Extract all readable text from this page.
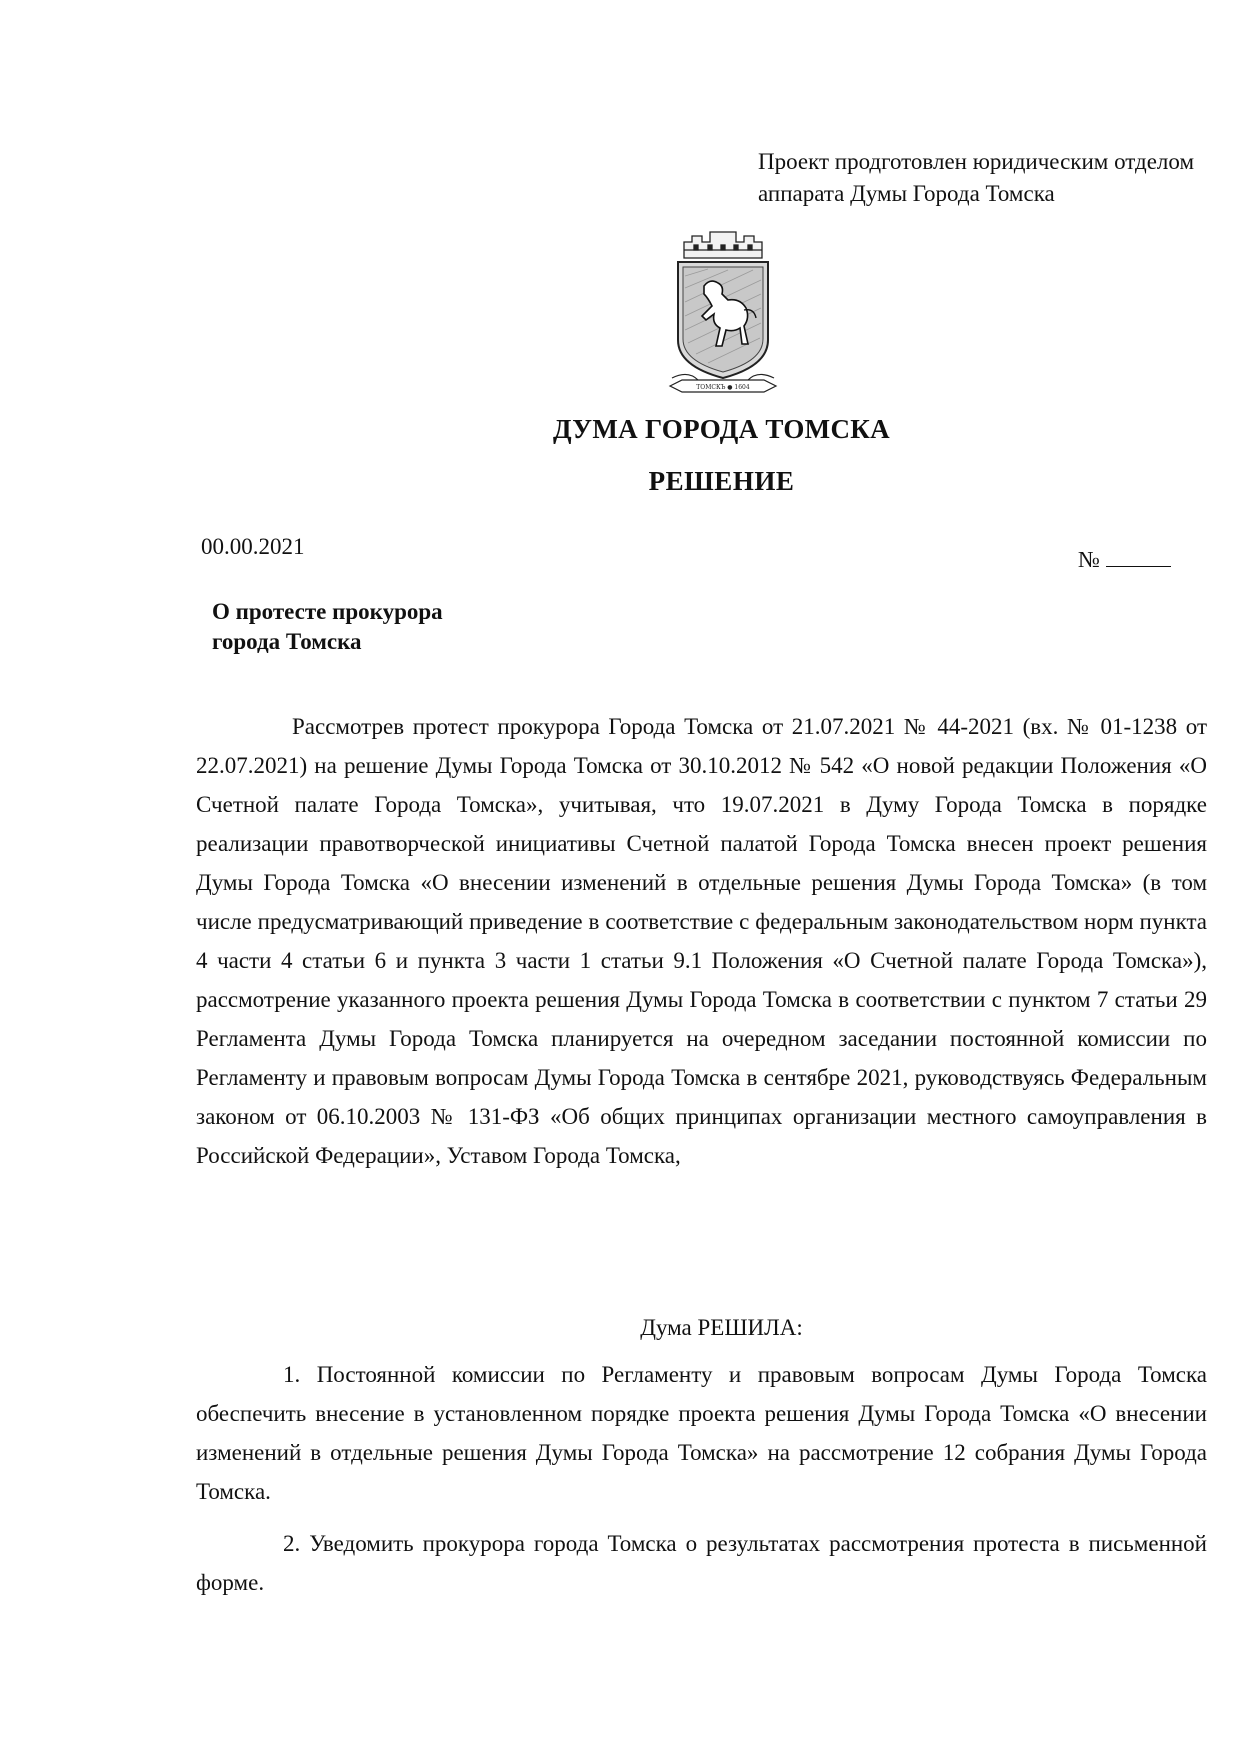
Проект продготовлен юридическим отделом
аппарата Думы Города Томска
ТОМСКЪ ● 1604
ДУМА ГОРОДА ТОМСКА
РЕШЕНИЕ
00.00.2021
№
О протесте прокурора
города Томска

Рассмотрев протест прокурора Города Томска от 21.07.2021 № 44-2021 (вх. № 01-1238 от 22.07.2021) на решение Думы Города Томска от 30.10.2012 № 542 «О новой редакции Положения «О Счетной палате Города Томска», учитывая, что 19.07.2021 в Думу Города Томска в порядке реализации правотворческой инициативы Счетной палатой Города Томска внесен проект решения Думы Города Томска «О внесении изменений в отдельные решения Думы Города Томска» (в том числе предусматривающий приведение в соответствие с федеральным законодательством норм пункта 4 части 4 статьи 6 и пункта 3 части 1 статьи 9.1 Положения «О Счетной палате Города Томска»), рассмотрение указанного проекта решения Думы Города Томска в соответствии с пунктом 7 статьи 29 Регламента Думы Города Томска планируется на очередном заседании постоянной комиссии по Регламенту и правовым вопросам Думы Города Томска в сентябре 2021, руководствуясь Федеральным законом от 06.10.2003 № 131-ФЗ «Об общих принципах организации местного самоуправления в Российской Федерации», Уставом Города Томска,

Дума РЕШИЛА:

1. Постоянной комиссии по Регламенту и правовым вопросам Думы Города Томска обеспечить внесение в установленном порядке проекта решения Думы Города Томска «О внесении изменений в отдельные решения Думы Города Томска» на рассмотрение 12 собрания Думы Города Томска.

2. Уведомить прокурора города Томска о результатах рассмотрения протеста в письменной форме.
